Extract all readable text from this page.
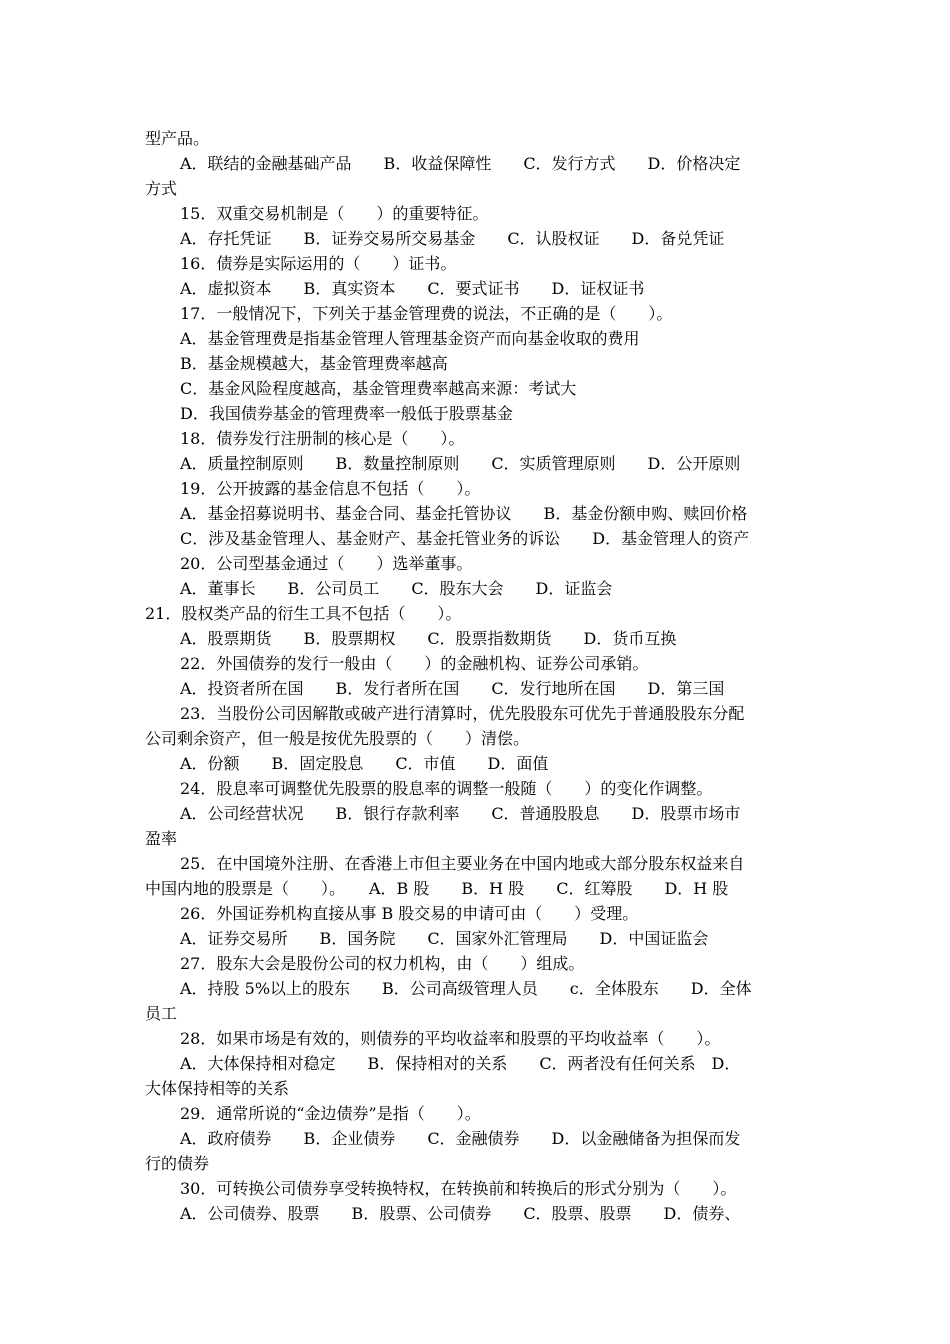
型产品。
A．联结的金融基础产品　　B．收益保障性　　C．发行方式　　D．价格决定
方式
15．双重交易机制是（　　）的重要特征。
A．存托凭证　　B．证券交易所交易基金　　C．认股权证　　D．备兑凭证
16．债券是实际运用的（　　）证书。
A．虚拟资本　　B．真实资本　　C．要式证书　　D．证权证书
17．一般情况下，下列关于基金管理费的说法，不正确的是（　　）。
A．基金管理费是指基金管理人管理基金资产而向基金收取的费用
B．基金规模越大，基金管理费率越高
C．基金风险程度越高，基金管理费率越高来源：考试大
D．我国债券基金的管理费率一般低于股票基金
18．债券发行注册制的核心是（　　）。
A．质量控制原则　　B．数量控制原则　　C．实质管理原则　　D．公开原则
19．公开披露的基金信息不包括（　　）。
A．基金招募说明书、基金合同、基金托管协议　　B．基金份额申购、赎回价格
C．涉及基金管理人、基金财产、基金托管业务的诉讼　　D．基金管理人的资产
20．公司型基金通过（　　）选举董事。
A．董事长　　B．公司员工　　C．股东大会　　D．证监会
21．股权类产品的衍生工具不包括（　　）。
A．股票期货　　B．股票期权　　C．股票指数期货　　D．货币互换
22．外国债券的发行一般由（　　）的金融机构、证券公司承销。
A．投资者所在国　　B．发行者所在国　　C．发行地所在国　　D．第三国
23．当股份公司因解散或破产进行清算时，优先股股东可优先于普通股股东分配
公司剩余资产，但一般是按优先股票的（　　）清偿。
A．份额　　B．固定股息　　C．市值　　D．面值
24．股息率可调整优先股票的股息率的调整一般随（　　）的变化作调整。
A．公司经营状况　　B．银行存款利率　　C．普通股股息　　D．股票市场市
盈率
25．在中国境外注册、在香港上市但主要业务在中国内地或大部分股东权益来自
中国内地的股票是（　　）。　　A．B 股　　B．H 股　　C．红筹股　　D．H 股
26．外国证券机构直接从事 B 股交易的申请可由（　　）受理。
A．证券交易所　　B．国务院　　C．国家外汇管理局　　D．中国证监会
27．股东大会是股份公司的权力机构，由（　　）组成。
A．持股 5%以上的股东　　B．公司高级管理人员　　c．全体股东　　D．全体
员工
28．如果市场是有效的，则债券的平均收益率和股票的平均收益率（　　）。
A．大体保持相对稳定　　B．保持相对的关系　　C．两者没有任何关系　D．
大体保持相等的关系
29．通常所说的“金边债券”是指（　　）。
A．政府债券　　B．企业债券　　C．金融债券　　D．以金融储备为担保而发
行的债券
30．可转换公司债券享受转换特权，在转换前和转换后的形式分别为（　　）。
A．公司债券、股票　　B．股票、公司债券　　C．股票、股票　　D．债券、
